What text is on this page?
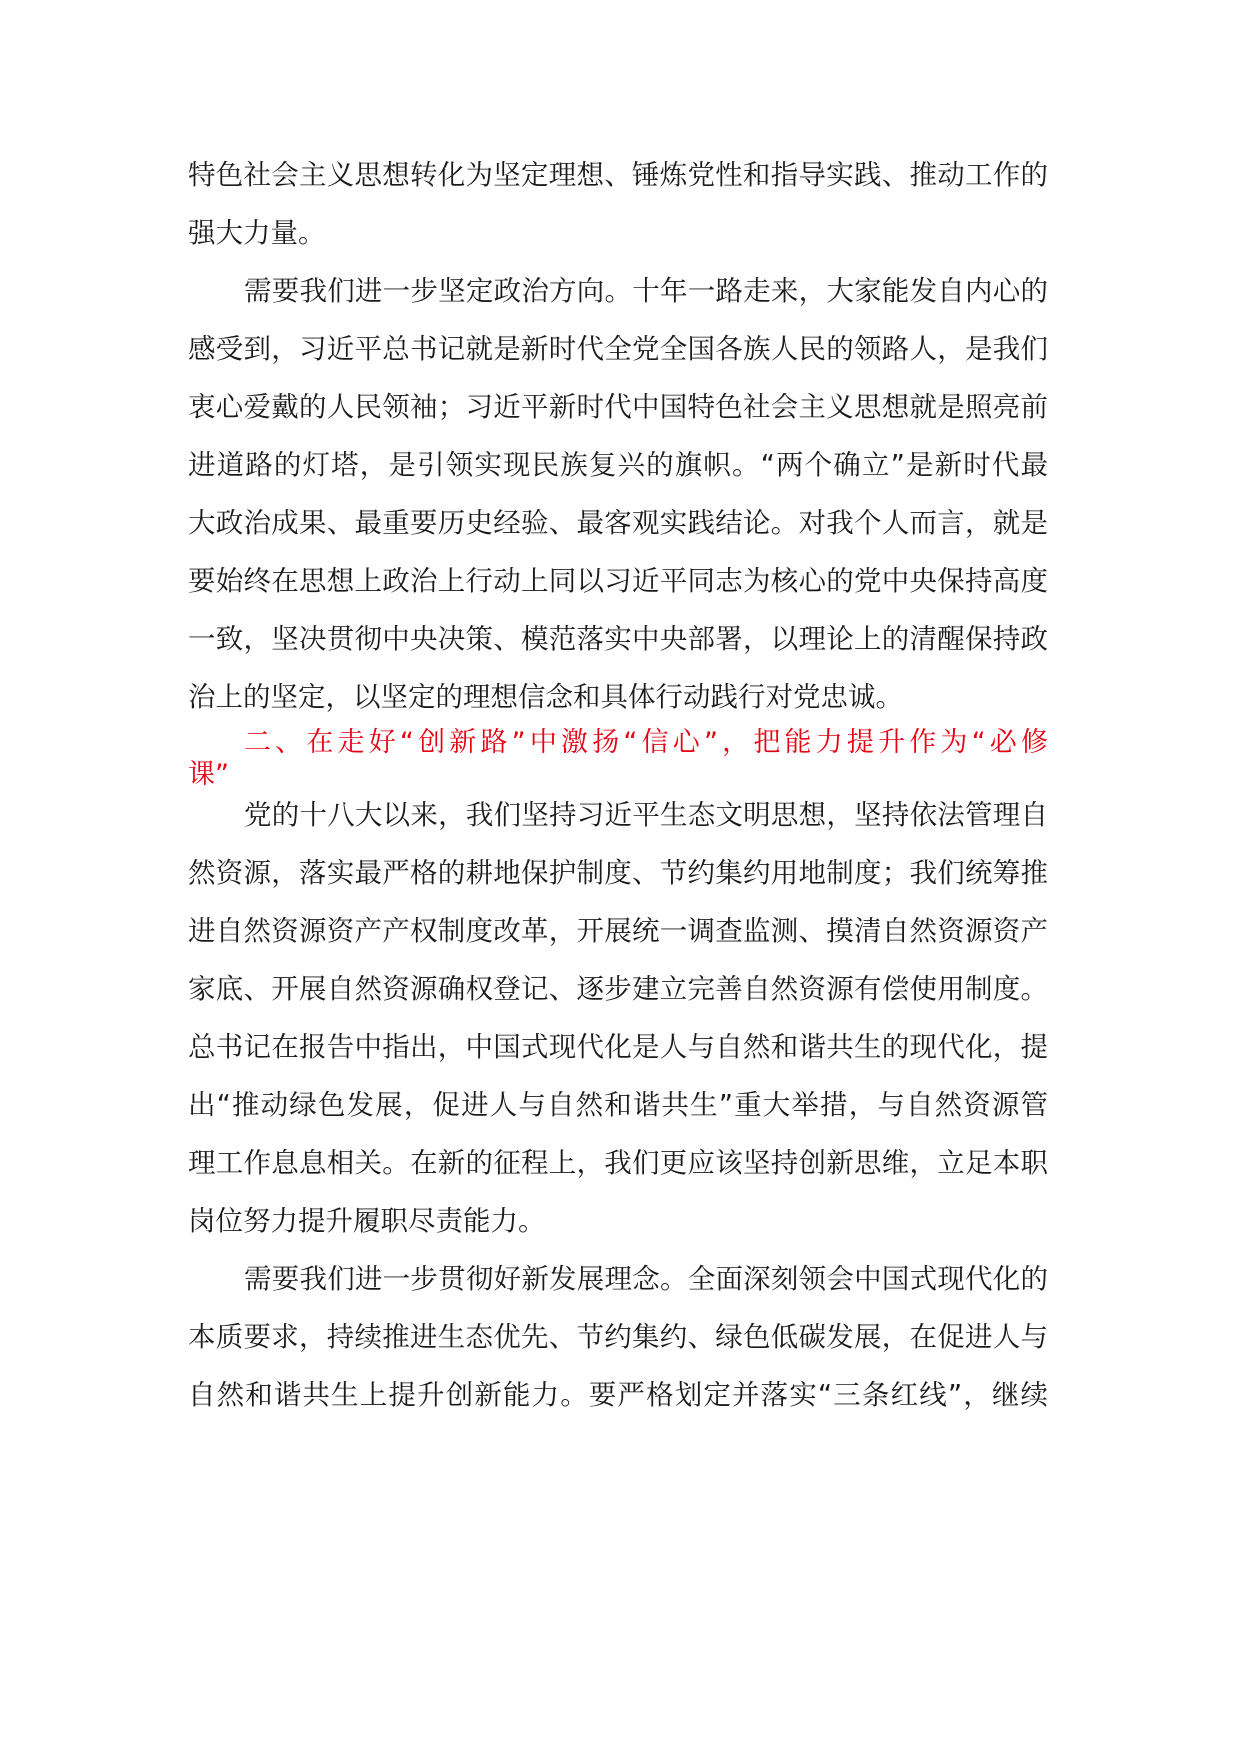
特色社会主义思想转化为坚定理想、锤炼党性和指导实践、推动工作的
强大力量。
需要我们进一步坚定政治方向。十年一路走来，大家能发自内心的
感受到，习近平总书记就是新时代全党全国各族人民的领路人，是我们
衷心爱戴的人民领袖；习近平新时代中国特色社会主义思想就是照亮前
进道路的灯塔，是引领实现民族复兴的旗帜。“两个确立”是新时代最
大政治成果、最重要历史经验、最客观实践结论。对我个人而言，就是
要始终在思想上政治上行动上同以习近平同志为核心的党中央保持高度
一致，坚决贯彻中央决策、模范落实中央部署，以理论上的清醒保持政
治上的坚定，以坚定的理想信念和具体行动践行对党忠诚。
二、在走好“创新路”中激扬“信心”，把能力提升作为“必修
课”
党的十八大以来，我们坚持习近平生态文明思想，坚持依法管理自
然资源，落实最严格的耕地保护制度、节约集约用地制度；我们统筹推
进自然资源资产产权制度改革，开展统一调查监测、摸清自然资源资产
家底、开展自然资源确权登记、逐步建立完善自然资源有偿使用制度。
总书记在报告中指出，中国式现代化是人与自然和谐共生的现代化，提
出“推动绿色发展，促进人与自然和谐共生”重大举措，与自然资源管
理工作息息相关。在新的征程上，我们更应该坚持创新思维，立足本职
岗位努力提升履职尽责能力。
需要我们进一步贯彻好新发展理念。全面深刻领会中国式现代化的
本质要求，持续推进生态优先、节约集约、绿色低碳发展，在促进人与
自然和谐共生上提升创新能力。要严格划定并落实“三条红线”，继续
